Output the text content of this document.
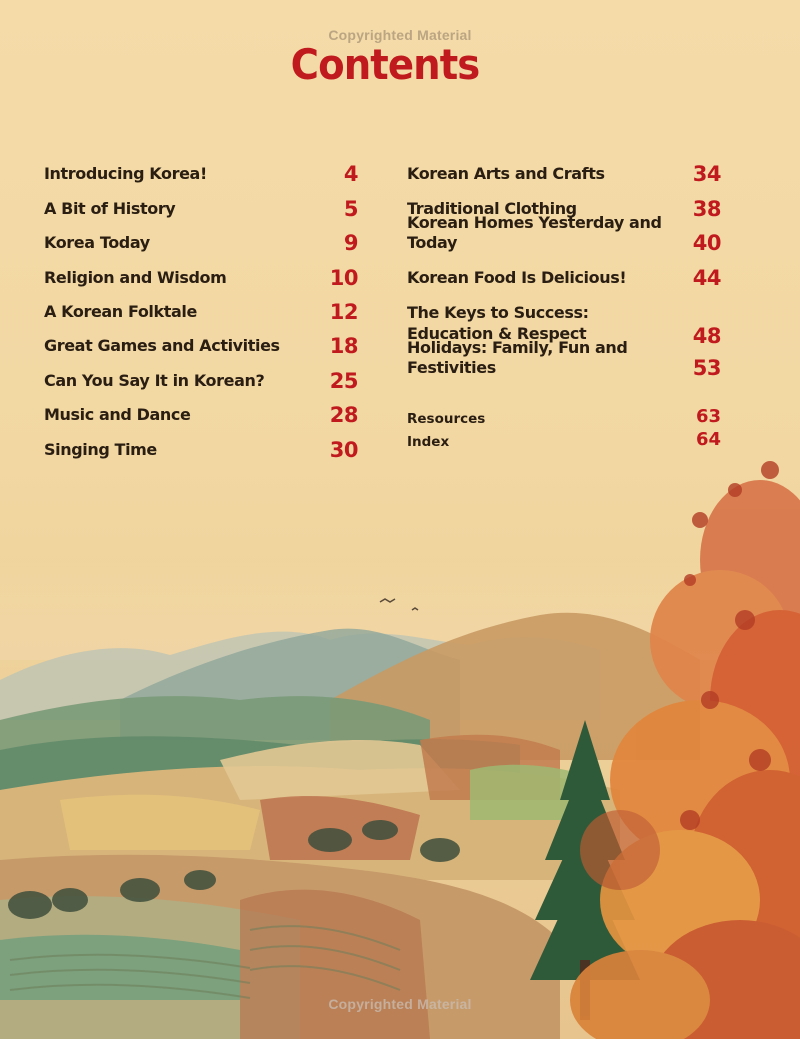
Copyrighted Material
Contents
Introducing Korea!	4
A Bit of History	5
Korea Today	9
Religion and Wisdom	10
A Korean Folktale	12
Great Games and Activities 18
Can You Say It in Korean?	25
Music and Dance	28
Singing Time	30
Korean Arts and Crafts	34
Traditional Clothing	38
Korean Homes Yesterday and Today	40
Korean Food Is Delicious!	44
The Keys to Success:
Education & Respect	48
Holidays: Family, Fun and Festivities	53
Resources	63
Index	64
Copyrighted Material
